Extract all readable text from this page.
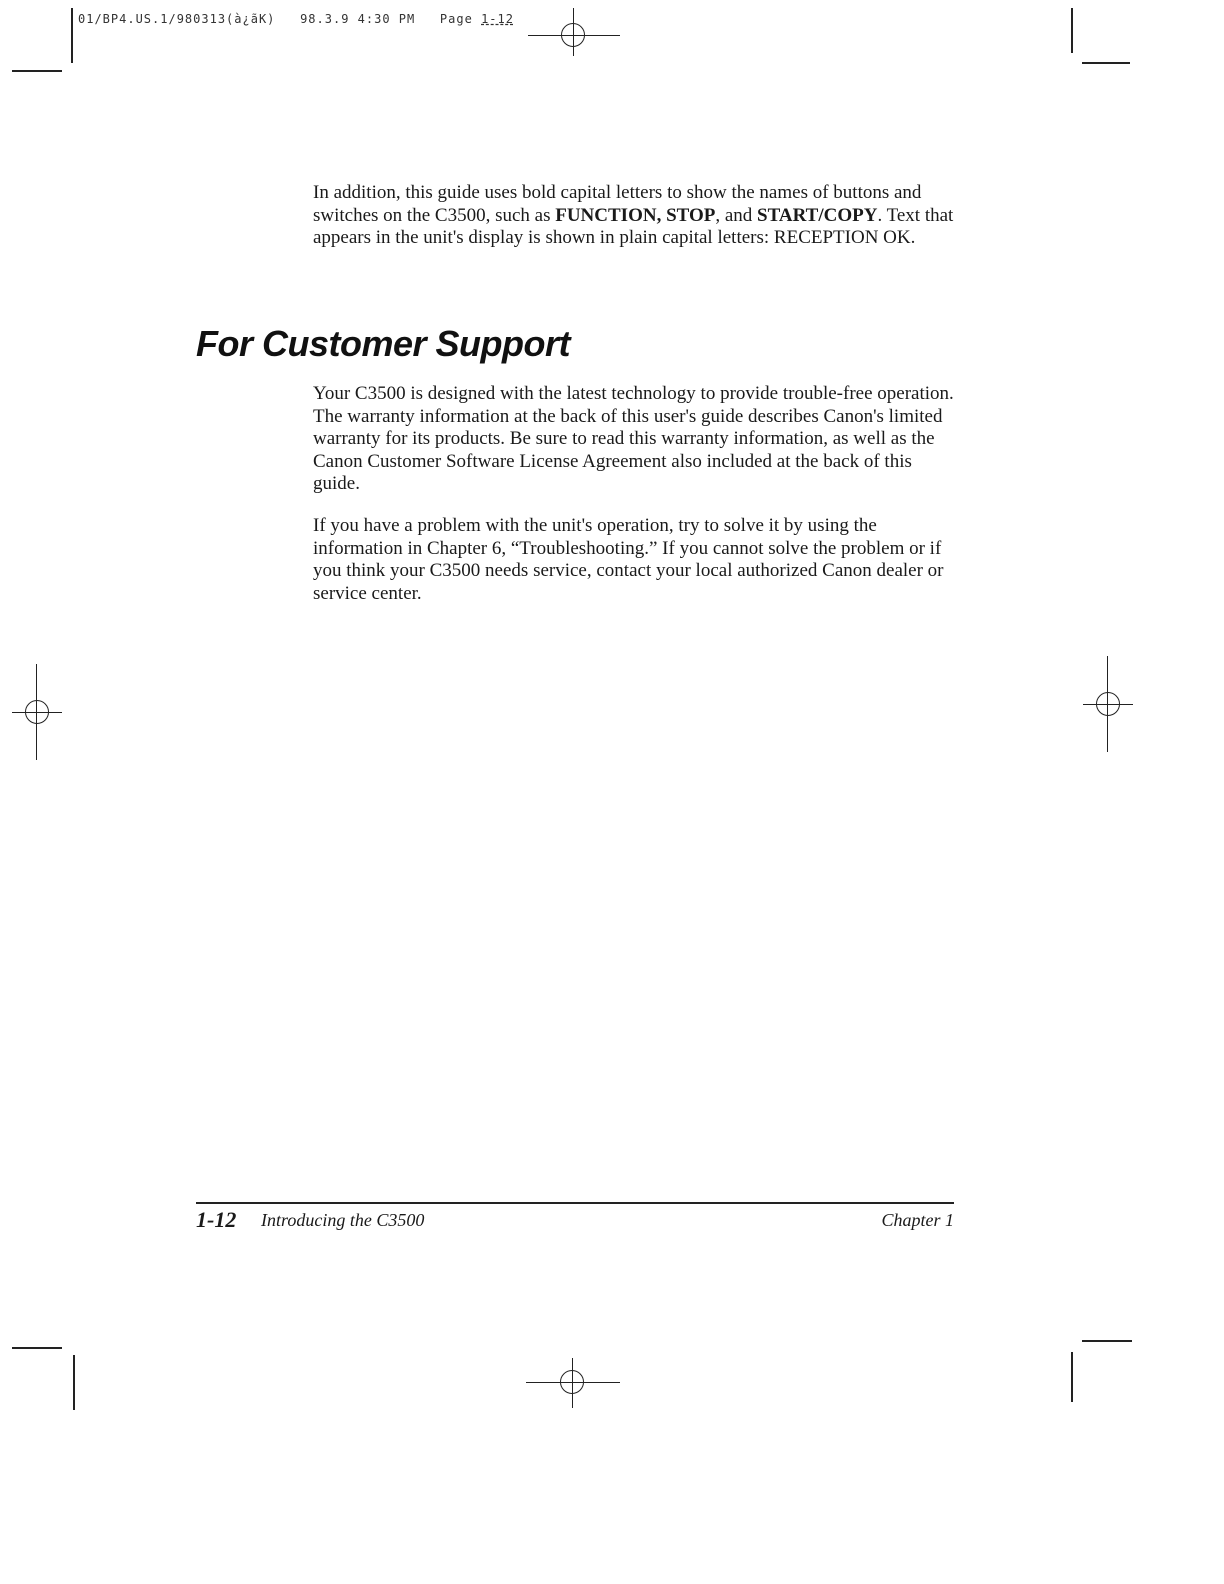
01/BP4.US.1/980313(à¿ãK) 98.3.9 4:30 PM Page 1-12

In addition, this guide uses bold capital letters to show the names of buttons and switches on the C3500, such as FUNCTION, STOP, and START/COPY. Text that appears in the unit's display is shown in plain capital letters: RECEPTION OK.

For Customer Support

Your C3500 is designed with the latest technology to provide trouble-free operation. The warranty information at the back of this user's guide describes Canon's limited warranty for its products. Be sure to read this warranty information, as well as the Canon Customer Software License Agreement also included at the back of this guide.

If you have a problem with the unit's operation, try to solve it by using the information in Chapter 6, “Troubleshooting.” If you cannot solve the problem or if you think your C3500 needs service, contact your local authorized Canon dealer or service center.

1-12 Introducing the C3500	Chapter 1
